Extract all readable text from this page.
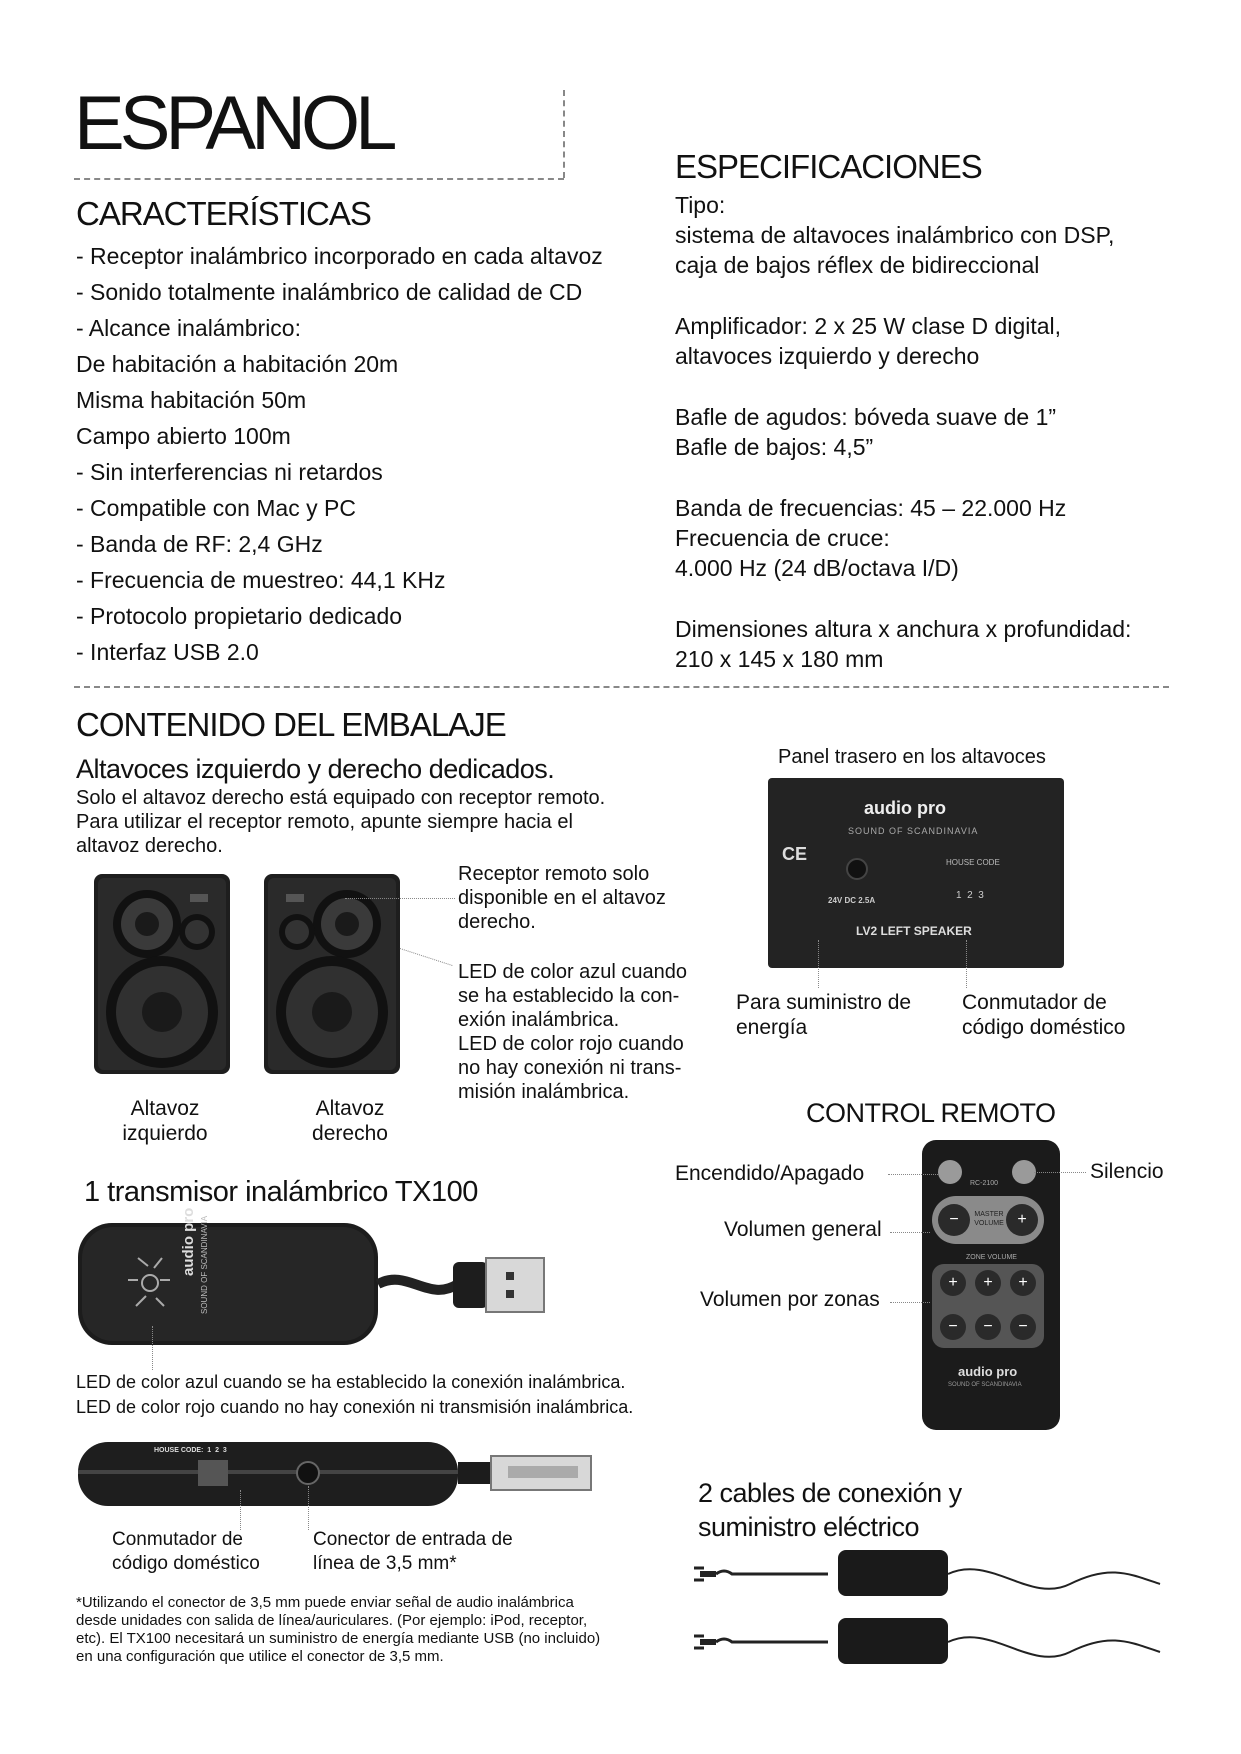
ESPANOL
CARACTERÍSTICAS
- Receptor inalámbrico incorporado en cada altavoz
- Sonido totalmente inalámbrico de calidad de CD
- Alcance inalámbrico:
De habitación a habitación 20m
Misma habitación 50m
Campo abierto 100m
- Sin interferencias ni retardos
- Compatible con Mac y PC
- Banda de RF: 2,4 GHz
- Frecuencia de muestreo: 44,1 KHz
- Protocolo propietario dedicado
- Interfaz USB 2.0
ESPECIFICACIONES
Tipo:
sistema de altavoces inalámbrico con DSP,
caja de bajos réflex de bidireccional
Amplificador: 2 x 25 W clase D digital,
altavoces izquierdo y derecho
Bafle de agudos: bóveda suave de 1”
Bafle de bajos: 4,5”
Banda de frecuencias: 45 – 22.000 Hz
Frecuencia de cruce:
4.000 Hz (24 dB/octava I/D)
Dimensiones altura x anchura x profundidad:
210 x 145 x 180 mm
CONTENIDO DEL EMBALAJE
Altavoces izquierdo y derecho dedicados.
Solo el altavoz derecho está equipado con receptor remoto.
Para utilizar el receptor remoto, apunte siempre hacia el
altavoz derecho.
Receptor remoto solo
disponible en el altavoz
derecho.
LED de color azul cuando
se ha establecido la con-
exión inalámbrica.
LED de color rojo cuando
no hay conexión ni trans-
misión inalámbrica.
Altavoz
izquierdo
Altavoz
derecho
1 transmisor inalámbrico TX100
audio pro SOUND OF SCANDINAVIA
LED de color azul cuando se ha establecido la conexión inalámbrica.
LED de color rojo cuando no hay conexión ni transmisión inalámbrica.
HOUSE CODE:  1  2  3
Conmutador de
código doméstico
Conector de entrada de
línea de 3,5 mm*
*Utilizando el conector de 3,5 mm puede enviar señal de audio inalámbrica
desde unidades con salida de línea/auriculares. (Por ejemplo: iPod, receptor,
etc). El TX100 necesitará un suministro de energía mediante USB (no incluido)
en una configuración que utilice el conector de 3,5 mm.
Panel trasero en los altavoces
audio pro
SOUND OF SCANDINAVIA
CE
24V DC 2.5A
HOUSE CODE
1  2  3
LV2 LEFT SPEAKER
Para suministro de
energía
Conmutador de
código doméstico
CONTROL REMOTO
RC-2100
−	+
MASTER VOLUME
ZONE VOLUME
+	+	+
−	−	−
audio pro
SOUND OF SCANDINAVIA
Encendido/Apagado	Silencio
Volumen general
Volumen por zonas
2 cables de conexión y
suministro eléctrico
